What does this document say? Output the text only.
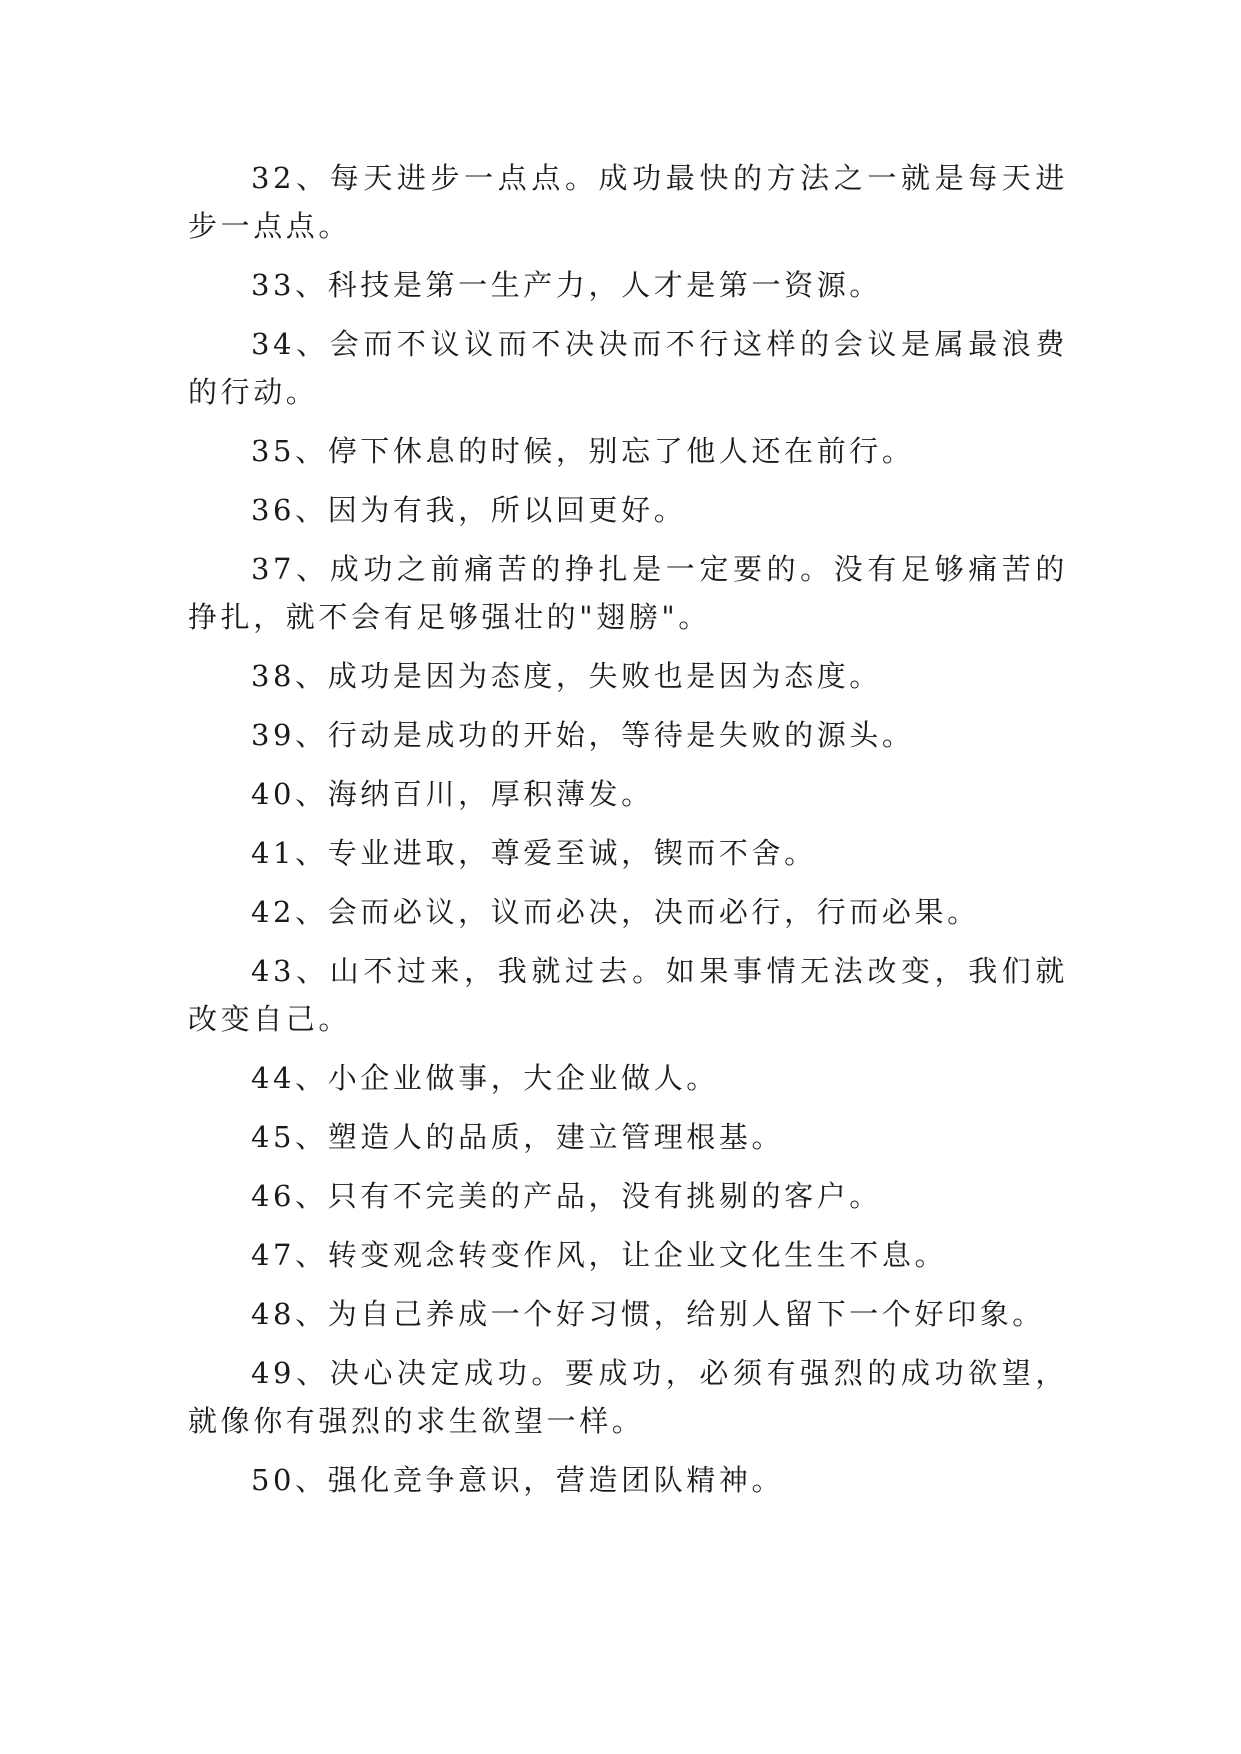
32、每天进步一点点。成功最快的方法之一就是每天进步一点点。

33、科技是第一生产力，人才是第一资源。

34、会而不议议而不决决而不行这样的会议是属最浪费的行动。

35、停下休息的时候，别忘了他人还在前行。

36、因为有我，所以回更好。

37、成功之前痛苦的挣扎是一定要的。没有足够痛苦的挣扎，就不会有足够强壮的"翅膀"。

38、成功是因为态度，失败也是因为态度。

39、行动是成功的开始，等待是失败的源头。

40、海纳百川，厚积薄发。

41、专业进取，尊爱至诚，锲而不舍。

42、会而必议，议而必决，决而必行，行而必果。

43、山不过来，我就过去。如果事情无法改变，我们就改变自己。

44、小企业做事，大企业做人。

45、塑造人的品质，建立管理根基。

46、只有不完美的产品，没有挑剔的客户。

47、转变观念转变作风，让企业文化生生不息。

48、为自己养成一个好习惯，给别人留下一个好印象。

49、决心决定成功。要成功，必须有强烈的成功欲望，就像你有强烈的求生欲望一样。

50、强化竞争意识，营造团队精神。
